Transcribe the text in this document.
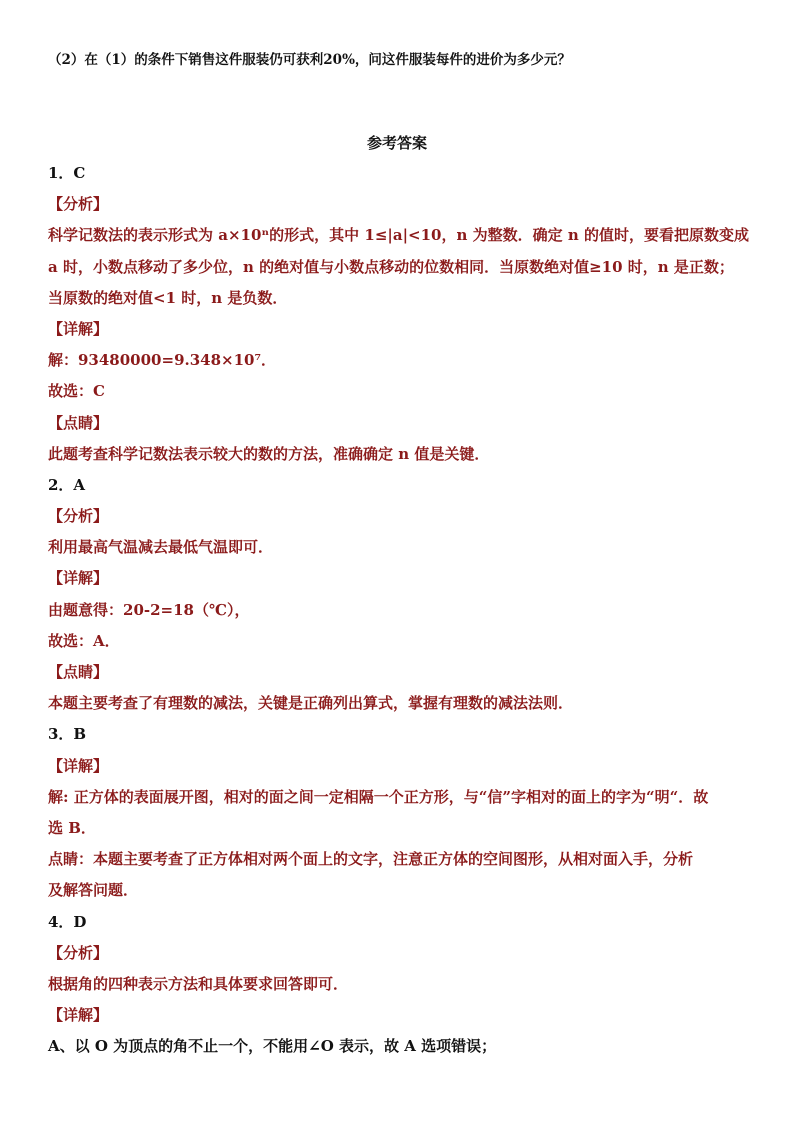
（2）在（1）的条件下销售这件服装仍可获利20%，问这件服装每件的进价为多少元？
参考答案
1．C
【分析】
科学记数法的表示形式为 a×10ⁿ的形式，其中 1≤|a|<10，n 为整数．确定 n 的值时，要看把原数变成
a 时，小数点移动了多少位，n 的绝对值与小数点移动的位数相同．当原数绝对值≥10 时，n 是正数；
当原数的绝对值<1 时，n 是负数．
【详解】
解：93480000=9.348×10⁷．
故选：C
【点睛】
此题考查科学记数法表示较大的数的方法，准确确定 n 值是关键．
2．A
【分析】
利用最高气温减去最低气温即可．
【详解】
由题意得：20-2=18（℃），
故选：A．
【点睛】
本题主要考查了有理数的减法，关键是正确列出算式，掌握有理数的减法法则．
3．B
【详解】
解: 正方体的表面展开图，相对的面之间一定相隔一个正方形，与“信”字相对的面上的字为“明“．故
选 B．
点睛：本题主要考查了正方体相对两个面上的文字，注意正方体的空间图形，从相对面入手，分析
及解答问题．
4．D
【分析】
根据角的四种表示方法和具体要求回答即可．
【详解】
A、以 O 为顶点的角不止一个，不能用∠O 表示，故 A 选项错误；
